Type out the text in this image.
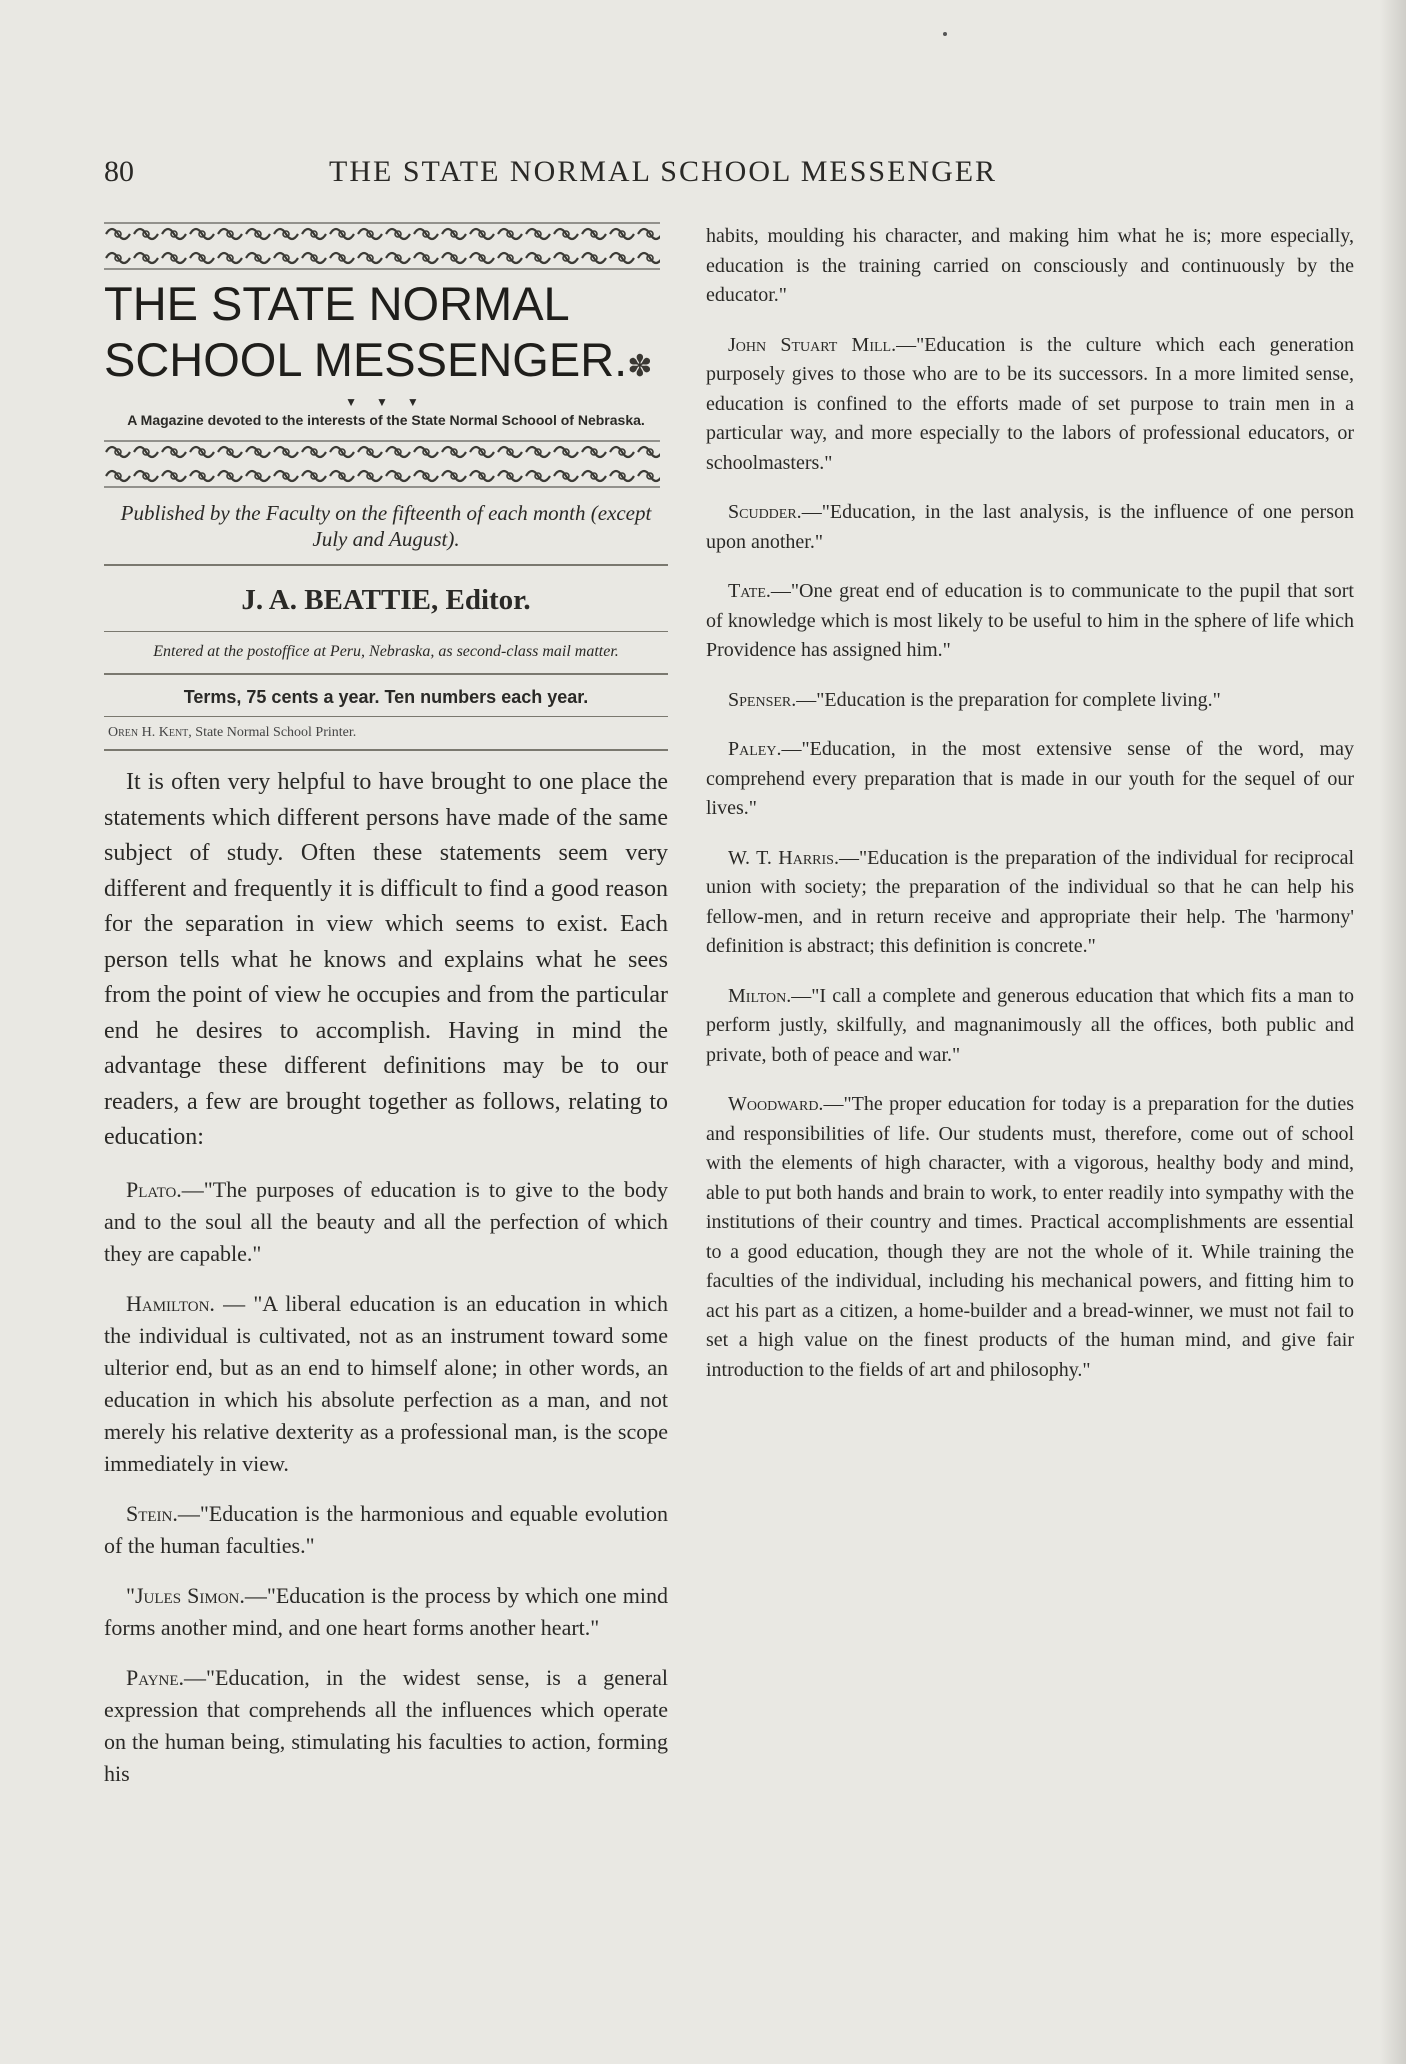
80	THE STATE NORMAL SCHOOL MESSENGER
THE STATE NORMAL
SCHOOL MESSENGER.✽
▼ ▼ ▼
A Magazine devoted to the interests of the State Normal Schoool of Nebraska.
Published by the Faculty on the fifteenth of each month (except July and August).
J. A. BEATTIE, Editor.
Entered at the postoffice at Peru, Nebraska, as second-class mail matter.
Terms, 75 cents a year. Ten numbers each year.
Oren H. Kent, State Normal School Printer.

It is often very helpful to have brought to one place the statements which different persons have made of the same subject of study. Often these statements seem very different and frequently it is difficult to find a good reason for the separation in view which seems to exist. Each person tells what he knows and explains what he sees from the point of view he occupies and from the particular end he desires to accomplish. Having in mind the advantage these different definitions may be to our readers, a few are brought together as follows, relating to education:

Plato.—"The purposes of education is to give to the body and to the soul all the beauty and all the perfection of which they are capable."

Hamilton. — "A liberal education is an education in which the individual is cultivated, not as an instrument toward some ulterior end, but as an end to himself alone; in other words, an education in which his absolute perfection as a man, and not merely his relative dexterity as a professional man, is the scope immediately in view.

Stein.—"Education is the harmonious and equable evolution of the human faculties."

"Jules Simon.—"Education is the process by which one mind forms another mind, and one heart forms another heart."

Payne.—"Education, in the widest sense, is a general expression that comprehends all the influences which operate on the human being, stimulating his faculties to action, forming his

habits, moulding his character, and making him what he is; more especially, education is the training carried on consciously and continuously by the educator."

John Stuart Mill.—"Education is the culture which each generation purposely gives to those who are to be its successors. In a more limited sense, education is confined to the efforts made of set purpose to train men in a particular way, and more especially to the labors of professional educators, or schoolmasters."

Scudder.—"Education, in the last analysis, is the influence of one person upon another."

Tate.—"One great end of education is to communicate to the pupil that sort of knowledge which is most likely to be useful to him in the sphere of life which Providence has assigned him."

Spenser.—"Education is the preparation for complete living."

Paley.—"Education, in the most extensive sense of the word, may comprehend every preparation that is made in our youth for the sequel of our lives."

W. T. Harris.—"Education is the preparation of the individual for reciprocal union with society; the preparation of the individual so that he can help his fellow-men, and in return receive and appropriate their help. The 'harmony' definition is abstract; this definition is concrete."

Milton.—"I call a complete and generous education that which fits a man to perform justly, skilfully, and magnanimously all the offices, both public and private, both of peace and war."

Woodward.—"The proper education for today is a preparation for the duties and responsibilities of life. Our students must, therefore, come out of school with the elements of high character, with a vigorous, healthy body and mind, able to put both hands and brain to work, to enter readily into sympathy with the institutions of their country and times. Practical accomplishments are essential to a good education, though they are not the whole of it. While training the faculties of the individual, including his mechanical powers, and fitting him to act his part as a citizen, a home-builder and a bread-winner, we must not fail to set a high value on the finest products of the human mind, and give fair introduction to the fields of art and philosophy."
